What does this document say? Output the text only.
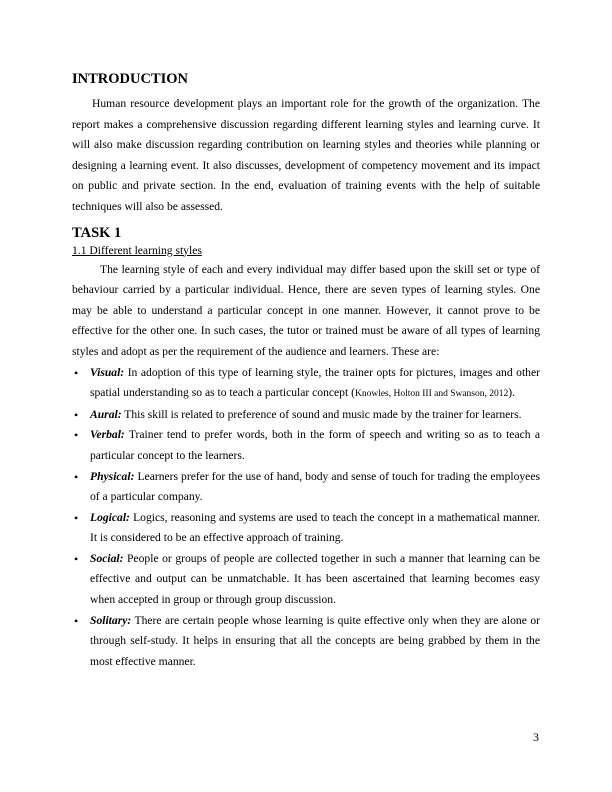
INTRODUCTION

Human resource development plays an important role for the growth of the organization. The report makes a comprehensive discussion regarding different learning styles and learning curve. It will also make discussion regarding contribution on learning styles and theories while planning or designing a learning event. It also discusses, development of competency movement and its impact on public and private section. In the end, evaluation of training events with the help of suitable techniques will also be assessed.

TASK 1

1.1 Different learning styles

The learning style of each and every individual may differ based upon the skill set or type of behaviour carried by a particular individual. Hence, there are seven types of learning styles. One may be able to understand a particular concept in one manner. However, it cannot prove to be effective for the other one. In such cases, the tutor or trained must be aware of all types of learning styles and adopt as per the requirement of the audience and learners. These are:

• Visual: In adoption of this type of learning style, the trainer opts for pictures, images and other spatial understanding so as to teach a particular concept (Knowles, Holton III and Swanson, 2012).
• Aural: This skill is related to preference of sound and music made by the trainer for learners.
• Verbal: Trainer tend to prefer words, both in the form of speech and writing so as to teach a particular concept to the learners.
• Physical: Learners prefer for the use of hand, body and sense of touch for trading the employees of a particular company.
• Logical: Logics, reasoning and systems are used to teach the concept in a mathematical manner. It is considered to be an effective approach of training.
• Social: People or groups of people are collected together in such a manner that learning can be effective and output can be unmatchable. It has been ascertained that learning becomes easy when accepted in group or through group discussion.
• Solitary: There are certain people whose learning is quite effective only when they are alone or through self-study. It helps in ensuring that all the concepts are being grabbed by them in the most effective manner.
3
